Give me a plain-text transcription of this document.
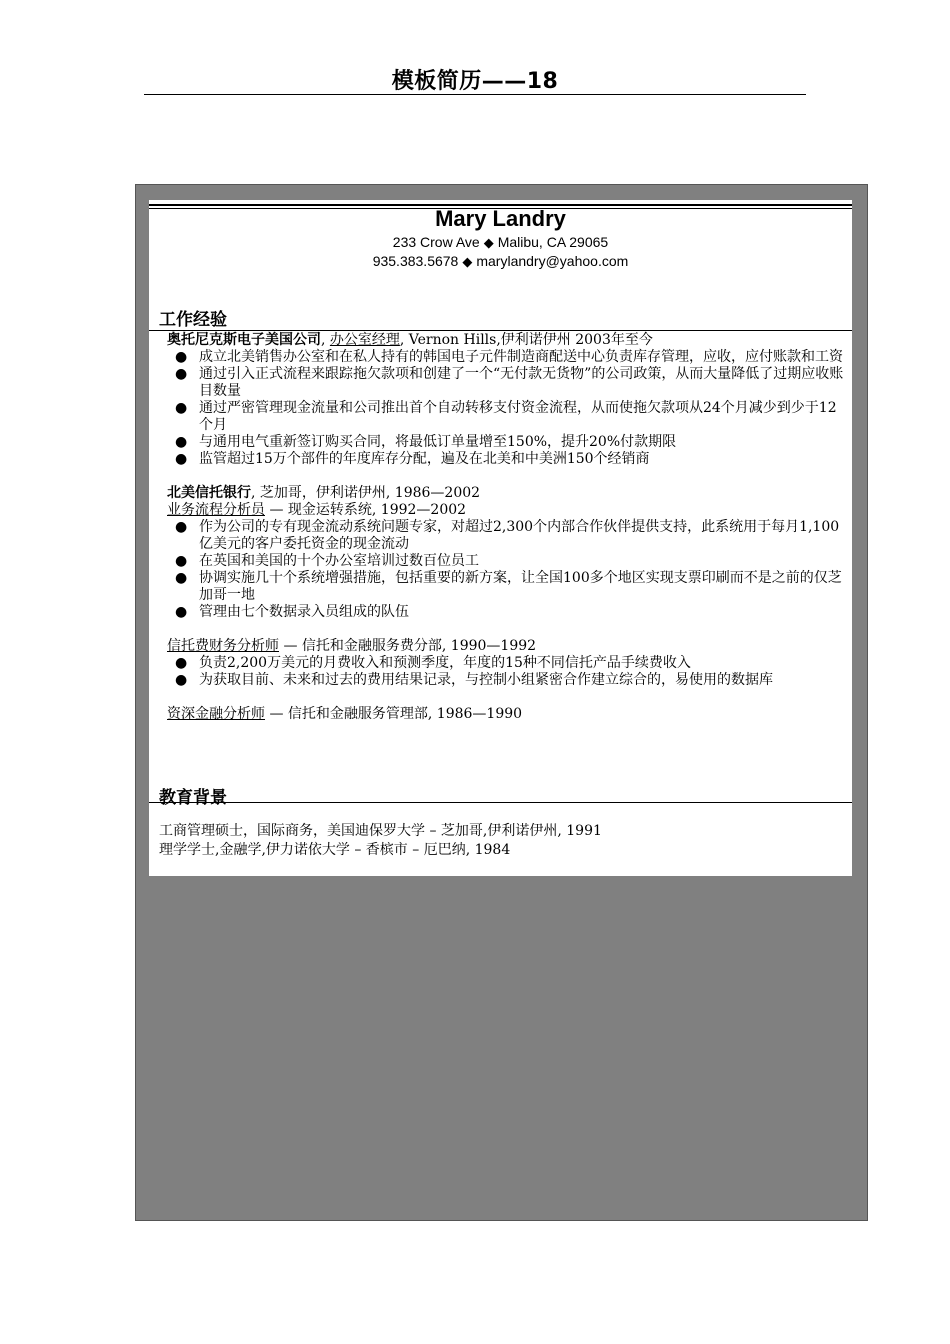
模板简历——18
Mary Landry
233 Crow Ave ◆ Malibu, CA 29065
935.383.5678 ◆ marylandry@yahoo.com
工作经验
奥托尼克斯电子美国公司, 办公室经理, Vernon Hills,伊利诺伊州 2003年至今
● 成立北美销售办公室和在私人持有的韩国电子元件制造商配送中心负责库存管理，应收，应付账款和工资
● 通过引入正式流程来跟踪拖欠款项和创建了一个“无付款无货物”的公司政策，从而大量降低了过期应收账目数量
● 通过严密管理现金流量和公司推出首个自动转移支付资金流程，从而使拖欠款项从24个月减少到少于12个月
● 与通用电气重新签订购买合同，将最低订单量增至150%，提升20%付款期限
● 监管超过15万个部件的年度库存分配，遍及在北美和中美洲150个经销商
北美信托银行, 芝加哥，伊利诺伊州, 1986—2002
业务流程分析员 — 现金运转系统, 1992—2002
● 作为公司的专有现金流动系统问题专家，对超过2,300个内部合作伙伴提供支持，此系统用于每月1,100亿美元的客户委托资金的现金流动
● 在英国和美国的十个办公室培训过数百位员工
● 协调实施几十个系统增强措施，包括重要的新方案，让全国100多个地区实现支票印刷而不是之前的仅芝加哥一地
● 管理由七个数据录入员组成的队伍
信托费财务分析师 — 信托和金融服务费分部, 1990—1992
● 负责2,200万美元的月费收入和预测季度，年度的15种不同信托产品手续费收入
● 为获取目前、未来和过去的费用结果记录，与控制小组紧密合作建立综合的，易使用的数据库
资深金融分析师 — 信托和金融服务管理部, 1986—1990
教育背景
工商管理硕士，国际商务，美国迪保罗大学 – 芝加哥,伊利诺伊州, 1991
理学学士,金融学,伊力诺依大学 – 香槟市 – 厄巴纳, 1984
